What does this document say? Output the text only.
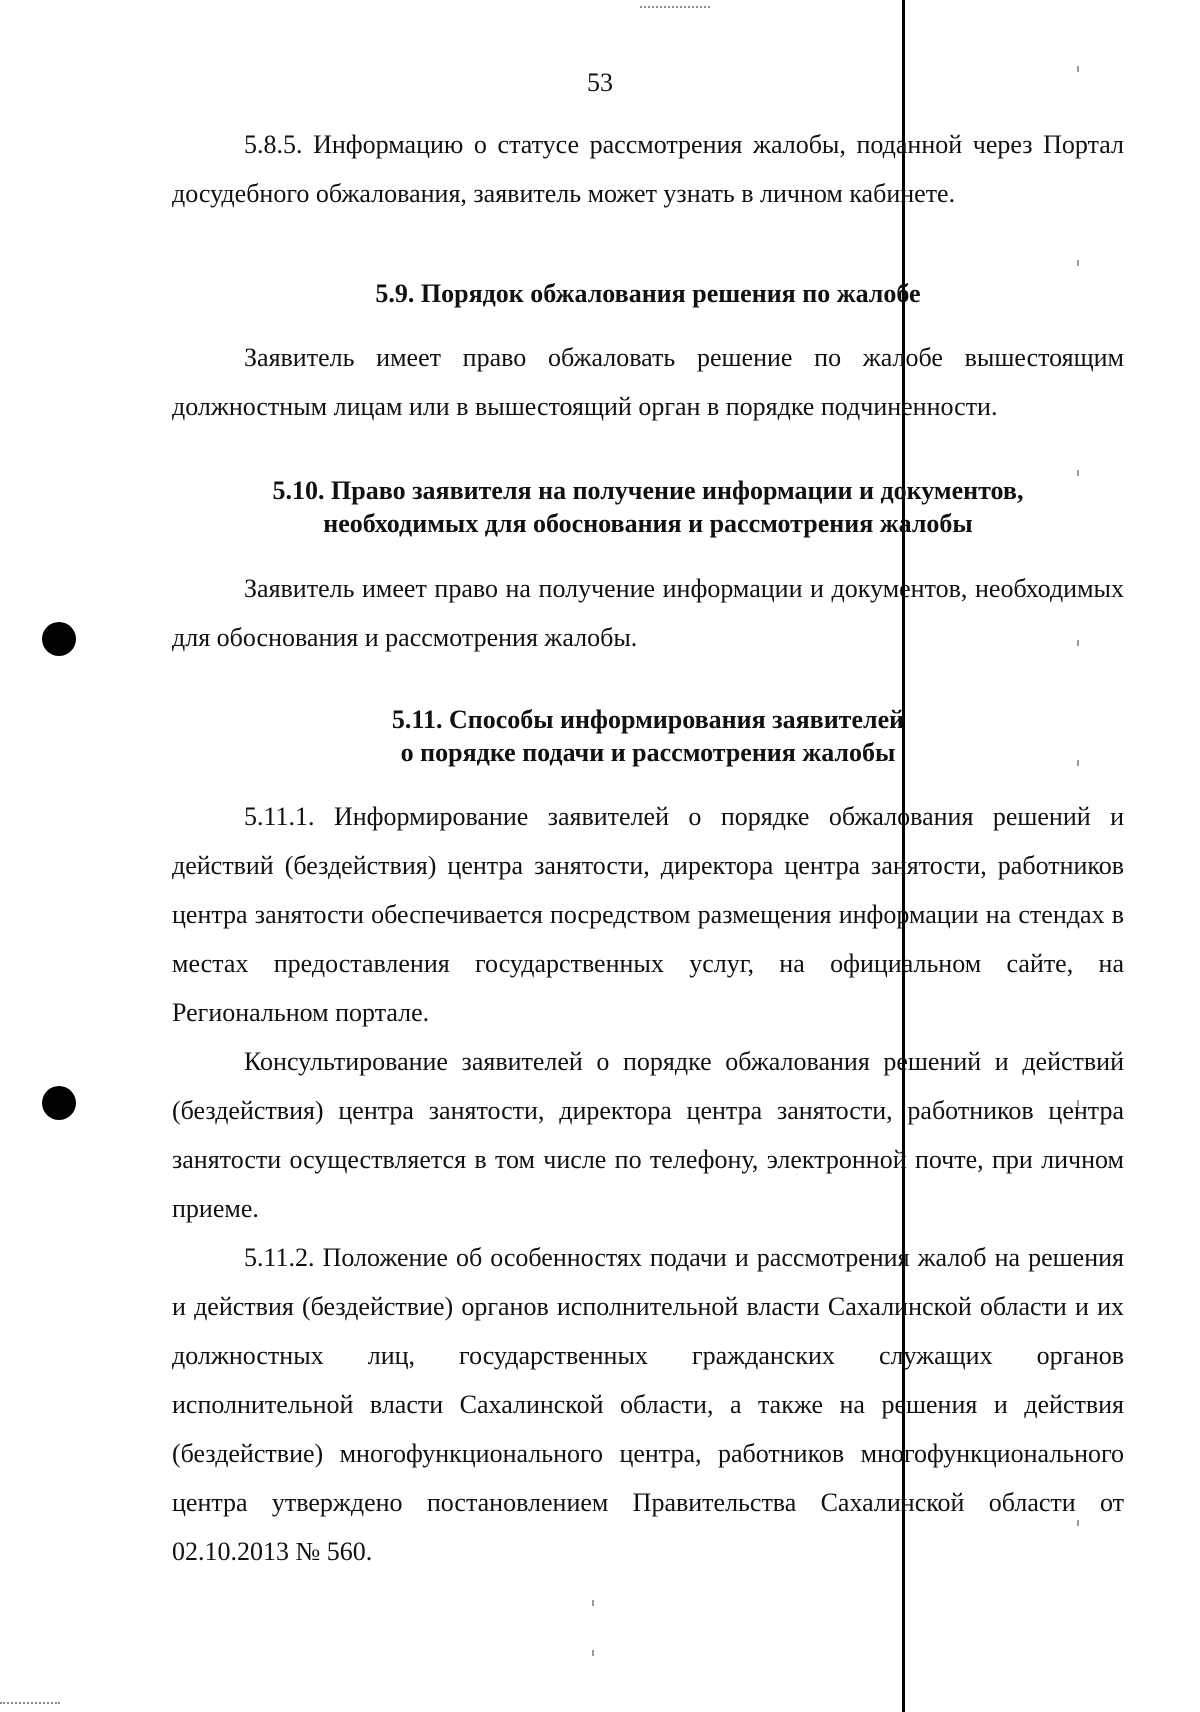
53

5.8.5. Информацию о статусе рассмотрения жалобы, поданной через Портал досудебного обжалования, заявитель может узнать в личном кабинете.

5.9. Порядок обжалования решения по жалобе

Заявитель имеет право обжаловать решение по жалобе вышестоящим должностным лицам или в вышестоящий орган в порядке подчиненности.

5.10. Право заявителя на получение информации и документов,
необходимых для обоснования и рассмотрения жалобы

Заявитель имеет право на получение информации и документов, необходимых для обоснования и рассмотрения жалобы.

5.11. Способы информирования заявителей
о порядке подачи и рассмотрения жалобы

5.11.1. Информирование заявителей о порядке обжалования решений и действий (бездействия) центра занятости, директора центра занятости, работников центра занятости обеспечивается посредством размещения информации на стендах в местах предоставления государственных услуг, на официальном сайте, на Региональном портале.

Консультирование заявителей о порядке обжалования решений и действий (бездействия) центра занятости, директора центра занятости, работников центра занятости осуществляется в том числе по телефону, электронной почте, при личном приеме.

5.11.2. Положение об особенностях подачи и рассмотрения жалоб на решения и действия (бездействие) органов исполнительной власти Сахалинской области и их должностных лиц, государственных гражданских служащих органов исполнительной власти Сахалинской области, а также на решения и действия (бездействие) многофункционального центра, работников многофункционального центра утверждено постановлением Правительства Сахалинской области от 02.10.2013 № 560.
